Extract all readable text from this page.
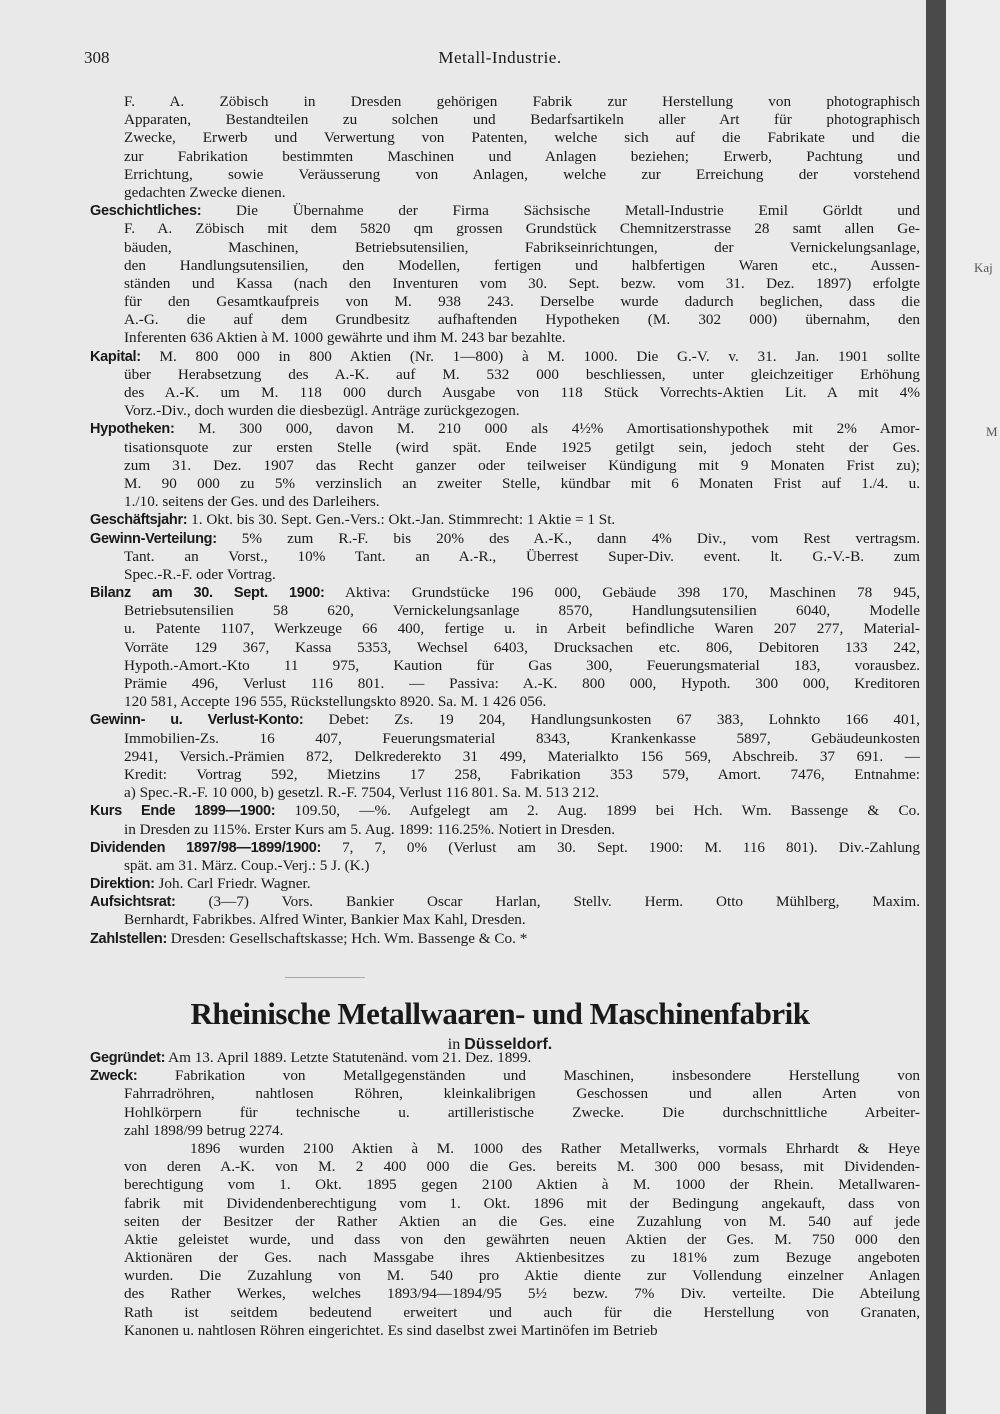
308	Metall-Industrie.
F. A. Zöbisch in Dresden gehörigen Fabrik zur Herstellung von photographisch
Apparaten, Bestandteilen zu solchen und Bedarfsartikeln aller Art für photographisch
Zwecke, Erwerb und Verwertung von Patenten, welche sich auf die Fabrikate und die
zur Fabrikation bestimmten Maschinen und Anlagen beziehen; Erwerb, Pachtung und
Errichtung, sowie Veräusserung von Anlagen, welche zur Erreichung der vorstehend
gedachten Zwecke dienen.
Geschichtliches: Die Übernahme der Firma Sächsische Metall-Industrie Emil Görldt und
F. A. Zöbisch mit dem 5820 qm grossen Grundstück Chemnitzerstrasse 28 samt allen Ge-
bäuden, Maschinen, Betriebsutensilien, Fabrikseinrichtungen, der Vernickelungsanlage,
den Handlungsutensilien, den Modellen, fertigen und halbfertigen Waren etc., Aussen-
ständen und Kassa (nach den Inventuren vom 30. Sept. bezw. vom 31. Dez. 1897) erfolgte
für den Gesamtkaufpreis von M. 938 243. Derselbe wurde dadurch beglichen, dass die
A.-G. die auf dem Grundbesitz aufhaftenden Hypotheken (M. 302 000) übernahm, den
Inferenten 636 Aktien à M. 1000 gewährte und ihm M. 243 bar bezahlte.
Kapital: M. 800 000 in 800 Aktien (Nr. 1—800) à M. 1000. Die G.-V. v. 31. Jan. 1901 sollte
über Herabsetzung des A.-K. auf M. 532 000 beschliessen, unter gleichzeitiger Erhöhung
des A.-K. um M. 118 000 durch Ausgabe von 118 Stück Vorrechts-Aktien Lit. A mit 4%
Vorz.-Div., doch wurden die diesbezügl. Anträge zurückgezogen.
Hypotheken: M. 300 000, davon M. 210 000 als 4½% Amortisationshypothek mit 2% Amor-
tisationsquote zur ersten Stelle (wird spät. Ende 1925 getilgt sein, jedoch steht der Ges.
zum 31. Dez. 1907 das Recht ganzer oder teilweiser Kündigung mit 9 Monaten Frist zu);
M. 90 000 zu 5% verzinslich an zweiter Stelle, kündbar mit 6 Monaten Frist auf 1./4. u.
1./10. seitens der Ges. und des Darleihers.
Geschäftsjahr: 1. Okt. bis 30. Sept. Gen.-Vers.: Okt.-Jan. Stimmrecht: 1 Aktie = 1 St.
Gewinn-Verteilung: 5% zum R.-F. bis 20% des A.-K., dann 4% Div., vom Rest vertragsm.
Tant. an Vorst., 10% Tant. an A.-R., Überrest Super-Div. event. lt. G.-V.-B. zum
Spec.-R.-F. oder Vortrag.
Bilanz am 30. Sept. 1900: Aktiva: Grundstücke 196 000, Gebäude 398 170, Maschinen 78 945,
Betriebsutensilien 58 620, Vernickelungsanlage 8570, Handlungsutensilien 6040, Modelle
u. Patente 1107, Werkzeuge 66 400, fertige u. in Arbeit befindliche Waren 207 277, Material-
Vorräte 129 367, Kassa 5353, Wechsel 6403, Drucksachen etc. 806, Debitoren 133 242,
Hypoth.-Amort.-Kto 11 975, Kaution für Gas 300, Feuerungsmaterial 183, vorausbez.
Prämie 496, Verlust 116 801. — Passiva: A.-K. 800 000, Hypoth. 300 000, Kreditoren
120 581, Accepte 196 555, Rückstellungskto 8920. Sa. M. 1 426 056.
Gewinn- u. Verlust-Konto: Debet: Zs. 19 204, Handlungsunkosten 67 383, Lohnkto 166 401,
Immobilien-Zs. 16 407, Feuerungsmaterial 8343, Krankenkasse 5897, Gebäudeunkosten
2941, Versich.-Prämien 872, Delkrederekto 31 499, Materialkto 156 569, Abschreib. 37 691. —
Kredit: Vortrag 592, Mietzins 17 258, Fabrikation 353 579, Amort. 7476, Entnahme:
a) Spec.-R.-F. 10 000, b) gesetzl. R.-F. 7504, Verlust 116 801. Sa. M. 513 212.
Kurs Ende 1899—1900: 109.50, —%. Aufgelegt am 2. Aug. 1899 bei Hch. Wm. Bassenge & Co.
in Dresden zu 115%. Erster Kurs am 5. Aug. 1899: 116.25%. Notiert in Dresden.
Dividenden 1897/98—1899/1900: 7, 7, 0% (Verlust am 30. Sept. 1900: M. 116 801). Div.-Zahlung
spät. am 31. März. Coup.-Verj.: 5 J. (K.)
Direktion: Joh. Carl Friedr. Wagner.
Aufsichtsrat: (3—7) Vors. Bankier Oscar Harlan, Stellv. Herm. Otto Mühlberg, Maxim.
Bernhardt, Fabrikbes. Alfred Winter, Bankier Max Kahl, Dresden.
Zahlstellen: Dresden: Gesellschaftskasse; Hch. Wm. Bassenge & Co. *
Rheinische Metallwaaren- und Maschinenfabrik
in Düsseldorf.
Gegründet: Am 13. April 1889. Letzte Statutenänd. vom 21. Dez. 1899.
Zweck: Fabrikation von Metallgegenständen und Maschinen, insbesondere Herstellung von
Fahrradröhren, nahtlosen Röhren, kleinkalibrigen Geschossen und allen Arten von
Hohlkörpern für technische u. artilleristische Zwecke. Die durchschnittliche Arbeiter-
zahl 1898/99 betrug 2274.
1896 wurden 2100 Aktien à M. 1000 des Rather Metallwerks, vormals Ehrhardt & Heye
von deren A.-K. von M. 2 400 000 die Ges. bereits M. 300 000 besass, mit Dividenden-
berechtigung vom 1. Okt. 1895 gegen 2100 Aktien à M. 1000 der Rhein. Metallwaren-
fabrik mit Dividendenberechtigung vom 1. Okt. 1896 mit der Bedingung angekauft, dass von
seiten der Besitzer der Rather Aktien an die Ges. eine Zuzahlung von M. 540 auf jede
Aktie geleistet wurde, und dass von den gewährten neuen Aktien der Ges. M. 750 000 den
Aktionären der Ges. nach Massgabe ihres Aktienbesitzes zu 181% zum Bezuge angeboten
wurden. Die Zuzahlung von M. 540 pro Aktie diente zur Vollendung einzelner Anlagen
des Rather Werkes, welches 1893/94—1894/95 5½ bezw. 7% Div. verteilte. Die Abteilung
Rath ist seitdem bedeutend erweitert und auch für die Herstellung von Granaten,
Kanonen u. nahtlosen Röhren eingerichtet. Es sind daselbst zwei Martinöfen im Betrieb
Kaj
M
